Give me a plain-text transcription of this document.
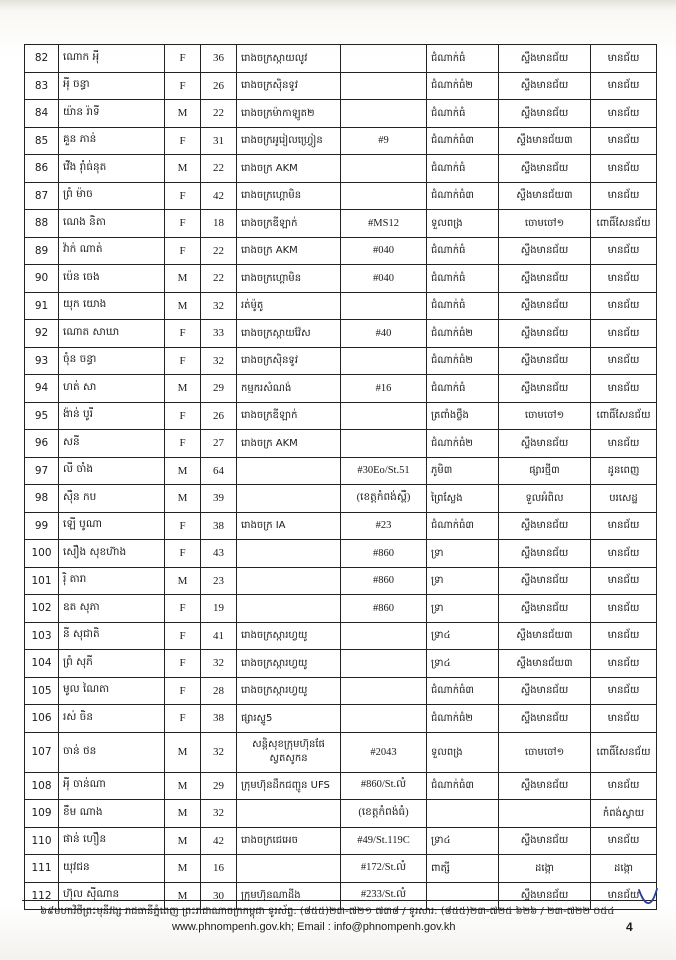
82	ណោក អុី	F	36	រោងចក្រស្កាយលូវ		ជំណាក់ធំ	ស្ទឹងមានជ័យ	មានជ័យ
83	អុី ចន្ធា	F	26	រោងចក្រស៊ិនទូវ		ជំណាក់ធំ២	ស្ទឹងមានជ័យ	មានជ័យ
84	យ៉ាន រ៉ាទី	M	22	រោងចក្រម៉ាកាឡូត២		ជំណាក់ធំ	ស្ទឹងមានជ័យ	មានជ័យ
85	គួន ភាន់	F	31	រោងចក្រអូរៀលហ្វ្រៀន	#9	ជំណាក់ធំ៣	ស្ទឹងមានជ័យ៣	មានជ័យ
86	វើង រ៉ាំធ់នុត	M	22	រោងចក្រ AKM		ជំណាក់ធំ	ស្ទឹងមានជ័យ	មានជ័យ
87	ព្រំ ម៉ាច	F	42	រោងចក្រហ្គោមិន		ជំណាក់ធំ៣	ស្ទឹងមានជ័យ៣	មានជ័យ
88	ណេង និតា	F	18	រោងចក្រឌីឡាក់	#MS12	ទួលពង្រ	ចោមចៅ១	ពោធិ៍សែនជ័យ
89	វ៉ាក់ ណាត់	F	22	រោងចក្រ AKM	#040	ជំណាក់ធំ	ស្ទឹងមានជ័យ	មានជ័យ
90	ប៉េន ចេង	M	22	រោងចក្រហ្គោមិន	#040	ជំណាក់ធំ	ស្ទឹងមានជ័យ	មានជ័យ
91	យុក យោង	M	32	រត់ម៉ូតូ		ជំណាក់ធំ	ស្ទឹងមានជ័យ	មានជ័យ
92	ណោត សាឃា	F	33	រោងចក្រស្កាយវ៉ែស	#40	ជំណាក់ធំ២	ស្ទឹងមានជ័យ	មានជ័យ
93	ចុំន ចន្ធា	F	32	រោងចក្រស៊ិនទូវ		ជំណាក់ធំ២	ស្ទឹងមានជ័យ	មានជ័យ
94	ហត់ សា	M	29	កម្មករសំណង់	#16	ជំណាក់ធំ	ស្ទឹងមានជ័យ	មានជ័យ
95	ង៉ាន់ បូរី	F	26	រោងចក្រឌីឡាក់		ត្រពាំងថ្លឹង	ចោមចៅ១	ពោធិ៍សែនជ័យ
96	សនី	F	27	រោងចក្រ AKM		ជំណាក់ធំ២	ស្ទឹងមានជ័យ	មានជ័យ
97	លី ចាំង	M	64		#30Eo/St.51	ភូមិ៣	ផ្សារថ្មី៣	ដូនពេញ
98	ស៊ឺន កប	M	39		(ខេត្តកំពង់ស្ពឺ)	ព្រៃស្លែង	ទួលអំពិល	បរសេដ្ឋ
99	ឡើ បូណា	F	38	រោងចក្រ IA	#23	ជំណាក់ធំ៣	ស្ទឹងមានជ័យ	មានជ័យ
100	សឿង សុខហ៊ាង	F	43		#860	ទ្រា	ស្ទឹងមានជ័យ	មានជ័យ
101	រ៉ិ តារា	M	23		#860	ទ្រា	ស្ទឹងមានជ័យ	មានជ័យ
102	ឧត សុភា	F	19		#860	ទ្រា	ស្ទឹងមានជ័យ	មានជ័យ
103	នី សុជាតិ	F	41	រោងចក្រស្ការហ្វយូ		ទ្រា៤	ស្ទឹងមានជ័យ៣	មានជ័យ
104	ព្រំ សុភី	F	32	រោងចក្រស្ការហ្វយូ		ទ្រា៤	ស្ទឹងមានជ័យ៣	មានជ័យ
105	មូល ណៃតា	F	28	រោងចក្រស្ការហ្វយូ		ជំណាក់ធំ៣	ស្ទឹងមានជ័យ	មានជ័យ
106	រស់ ចិន	F	38	ផ្សារស្ទូ5		ជំណាក់ធំ២	ស្ទឹងមានជ័យ	មានជ័យ
107	ចាន់ ថន	M	32	សន្តិសុខក្រុមហ៊ុនផែស្វតសូកន	#2043	ទួលពង្រ	ចោមចៅ១	ពោធិ៍សែនជ័យ
108	អុី ចាន់ណា	M	29	ក្រុមហ៊ុនដឹកជញ្ជូន UFS	#860/St.លំ	ជំណាក់ធំ៣	ស្ទឹងមានជ័យ	មានជ័យ
109	ខឹម ណាង	M	32		(ខេត្តកំពង់ធំ)			កំពង់ស្វាយ
110	ផាន់ ហឿន	M	42	រោងចក្រជេអេច	#49/St.119C	ទ្រា៤	ស្ទឹងមានជ័យ	មានជ័យ
111	យុវជន	M	16		#172/St.លំ	ពាត្សី	ដង្កោ	ដង្កោ
112	ហ៊ុល ស៊ីណាន	M	30	ក្រុមហ៊ុនណាដីង	#233/St.លំ		ស្ទឹងមានជ័យ	មានជ័យ
៦៩មហាវិថីព្រះមុនីវង្ស រាជធានីភ្នំពេញ ព្រះរាជាណាចក្រកម្ពុជា ទូរស័ព្ទ: (៨៥៥)២៣-៧២១ ៧៣៨ / ទូរសារ: (៨៥៥)២៣-៧២៥ ៦២៦ / ២៣-៧២២ ០៥៤
www.phnompenh.gov.kh; Email : info@phnompenh.gov.kh	4
